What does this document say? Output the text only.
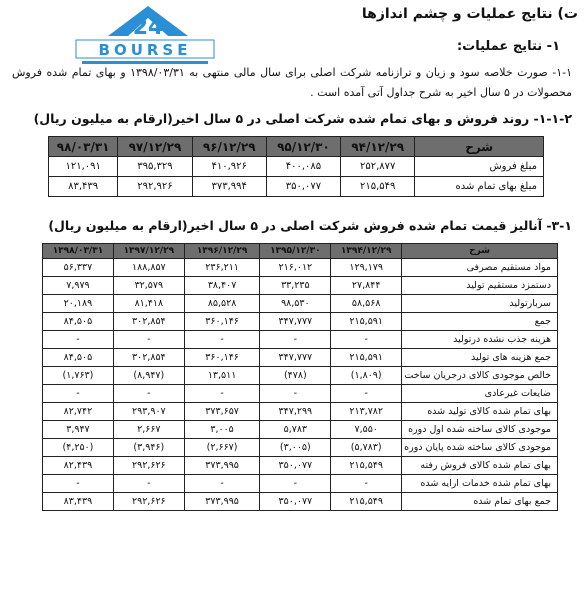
24
BOURSE
ت) نتایج عملیات و چشم اندازها
۱- نتایج عملیات:
۱-۱- صورت خلاصه سود و زیان و ترازنامه شرکت اصلی برای سال مالی منتهی به ۱۳۹۸/۰۳/۳۱ و بهای تمام شده فروش محصولات در ۵ سال اخیر به شرح جداول آتی آمده است .
۱-۱-۲- روند فروش و بهای تمام شده شرکت اصلی در ۵ سال اخیر(ارقام به میلیون ریال)
شرح	۹۴/۱۲/۲۹	۹۵/۱۲/۳۰	۹۶/۱۲/۲۹	۹۷/۱۲/۲۹	۹۸/۰۳/۳۱
مبلغ فروش	۲۵۲,۸۷۷	۴۰۰,۰۸۵	۴۱۰,۹۲۶	۳۹۵,۳۲۹	۱۲۱,۰۹۱
مبلغ بهای تمام شده	۲۱۵,۵۴۹	۳۵۰,۰۷۷	۳۷۳,۹۹۴	۲۹۲,۹۲۶	۸۳,۴۳۹
۳-۱- آنالیز قیمت تمام شده فروش شرکت اصلی در ۵ سال اخیر(ارقام به میلیون ریال)
شرح	۱۳۹۴/۱۲/۲۹	۱۳۹۵/۱۲/۳۰	۱۳۹۶/۱۲/۲۹	۱۳۹۷/۱۲/۲۹	۱۳۹۸/۰۳/۳۱
مواد مستقیم مصرفی	۱۲۹,۱۷۹	۲۱۶,۰۱۲	۲۳۶,۲۱۱	۱۸۸,۸۵۷	۵۶,۳۳۷
دستمزد مستقیم تولید	۲۷,۸۴۴	۳۳,۲۳۵	۳۸,۴۰۷	۳۲,۵۷۹	۷,۹۷۹
سربارتولید	۵۸,۵۶۸	۹۸,۵۳۰	۸۵,۵۲۸	۸۱,۴۱۸	۲۰,۱۸۹
جمع	۲۱۵,۵۹۱	۳۴۷,۷۷۷	۳۶۰,۱۴۶	۳۰۲,۸۵۴	۸۴,۵۰۵
هزینه جذب نشده درتولید	-	-	-	-	-
جمع هزینه های تولید	۲۱۵,۵۹۱	۳۴۷,۷۷۷	۳۶۰,۱۴۶	۳۰۲,۸۵۴	۸۴,۵۰۵
خالص موجودی کالای درجریان ساخت	(۱,۸۰۹)	(۴۷۸)	۱۳,۵۱۱	(۸,۹۴۷)	(۱,۷۶۳)
ضایعات غیرعادی	-	-	-	-	-
بهای تمام شده کالای تولید شده	۲۱۳,۷۸۲	۳۴۷,۲۹۹	۳۷۳,۶۵۷	۲۹۳,۹۰۷	۸۲,۷۴۲
موجودی کالای ساخته شده اول دوره	۷,۵۵۰	۵,۷۸۳	۳,۰۰۵	۲,۶۶۷	۳,۹۴۷
موجودی کالای ساخته شده پایان دوره	(۵,۷۸۳)	(۳,۰۰۵)	(۲,۶۶۷)	(۳,۹۴۶)	(۴,۲۵۰)
بهای تمام شده کالای فروش رفته	۲۱۵,۵۴۹	۳۵۰,۰۷۷	۳۷۳,۹۹۵	۲۹۲,۶۲۶	۸۲,۴۳۹
بهای تمام شده خدمات ارایه شده	-	-	-	-	-
جمع بهای تمام شده	۲۱۵,۵۴۹	۳۵۰,۰۷۷	۳۷۳,۹۹۵	۲۹۲,۶۲۶	۸۳,۴۳۹
